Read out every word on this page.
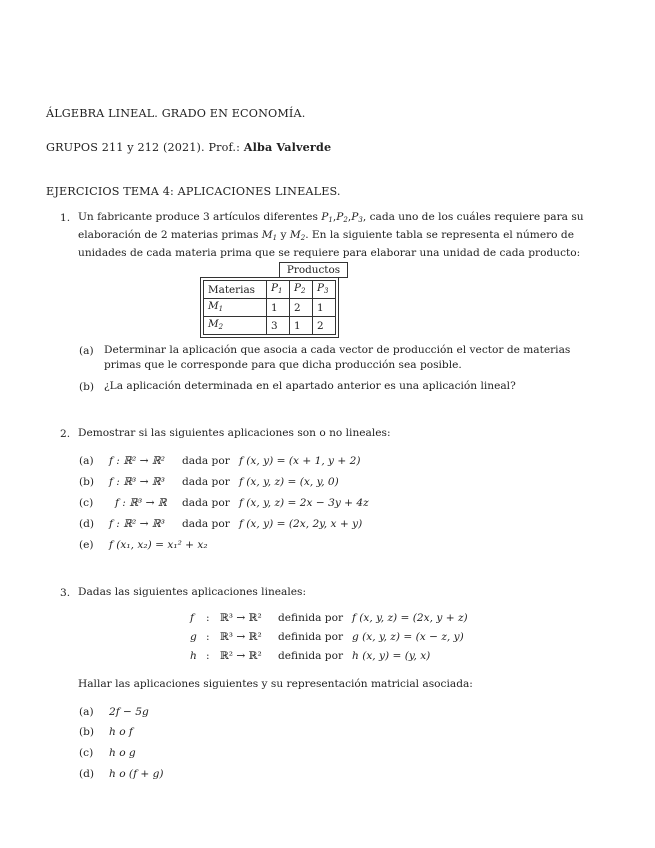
ÁLGEBRA LINEAL. GRADO EN ECONOMÍA.
GRUPOS 211 y 212 (2021). Prof.: Alba Valverde
EJERCICIOS TEMA 4: APLICACIONES LINEALES.
1. Un fabricante produce 3 artículos diferentes $P_1,P_2,P_3$, cada uno de los cuáles requiere para su
elaboración de 2 materias primas $M_1$ y $M_2$. En la siguiente tabla se representa el número de
unidades de cada materia prima que se requiere para elaborar una unidad de cada producto:
Productos
Materias	$P_1$	$P_2$	$P_3$
$M_1$	1	2	1
$M_2$	3	1	2
(a) Determinar la aplicación que asocia a cada vector de producción el vector de materias
primas que le corresponde para que dicha producción sea posible.
(b) ¿La aplicación determinada en el apartado anterior es una aplicación lineal?
2. Demostrar si las siguientes aplicaciones son o no lineales:
(a) f : ℝ² → ℝ² dada por f (x, y) = (x + 1, y + 2)
(b) f : ℝ³ → ℝ³ dada por f (x, y, z) = (x, y, 0)
(c) f : ℝ³ → ℝ dada por f (x, y, z) = 2x − 3y + 4z
(d) f : ℝ² → ℝ³ dada por f (x, y) = (2x, 2y, x + y)
(e) f (x₁, x₂) = x₁² + x₂
3. Dadas las siguientes aplicaciones lineales:
f : ℝ³ → ℝ² definida por f (x, y, z) = (2x, y + z)
g : ℝ³ → ℝ² definida por g (x, y, z) = (x − z, y)
h : ℝ² → ℝ² definida por h (x, y) = (y, x)
Hallar las aplicaciones siguientes y su representación matricial asociada:
(a) 2f − 5g
(b) h o f
(c) h o g
(d) h o (f + g)
